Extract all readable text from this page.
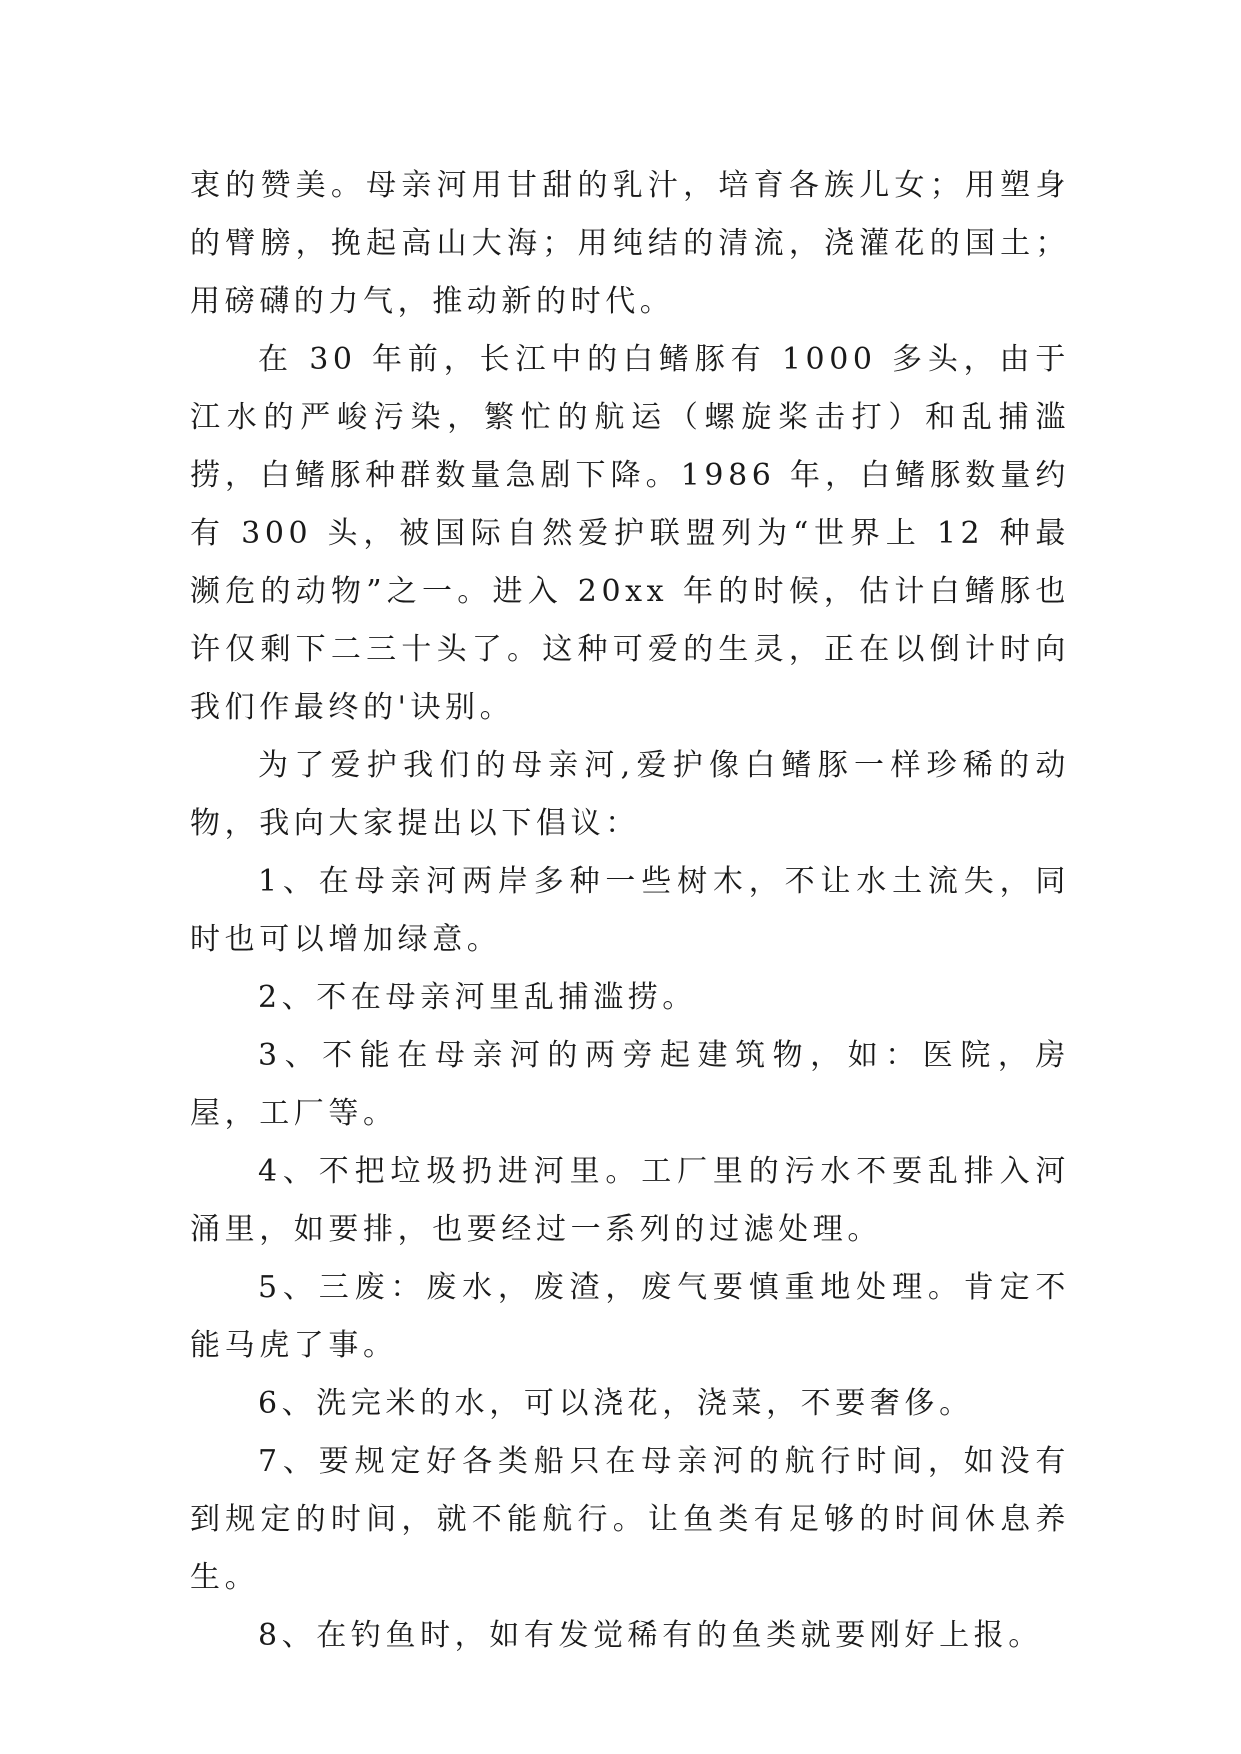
衷的赞美。母亲河用甘甜的乳汁，培育各族儿女；用塑身的臂膀，挽起高山大海；用纯结的清流，浇灌花的国土；用磅礴的力气，推动新的时代。

在 30 年前，长江中的白鳍豚有 1000 多头，由于江水的严峻污染，繁忙的航运（螺旋桨击打）和乱捕滥捞，白鳍豚种群数量急剧下降。1986 年，白鳍豚数量约有 300 头，被国际自然爱护联盟列为“世界上 12 种最濒危的动物”之一。进入 20xx 年的时候，估计白鳍豚也许仅剩下二三十头了。这种可爱的生灵，正在以倒计时向我们作最终的'诀别。

为了爱护我们的母亲河,爱护像白鳍豚一样珍稀的动物，我向大家提出以下倡议：

1、在母亲河两岸多种一些树木，不让水土流失，同时也可以增加绿意。

2、不在母亲河里乱捕滥捞。

3、不能在母亲河的两旁起建筑物，如：医院，房屋，工厂等。

4、不把垃圾扔进河里。工厂里的污水不要乱排入河涌里，如要排，也要经过一系列的过滤处理。

5、三废：废水，废渣，废气要慎重地处理。肯定不能马虎了事。

6、洗完米的水，可以浇花，浇菜，不要奢侈。

7、要规定好各类船只在母亲河的航行时间，如没有到规定的时间，就不能航行。让鱼类有足够的时间休息养生。

8、在钓鱼时，如有发觉稀有的鱼类就要刚好上报。
